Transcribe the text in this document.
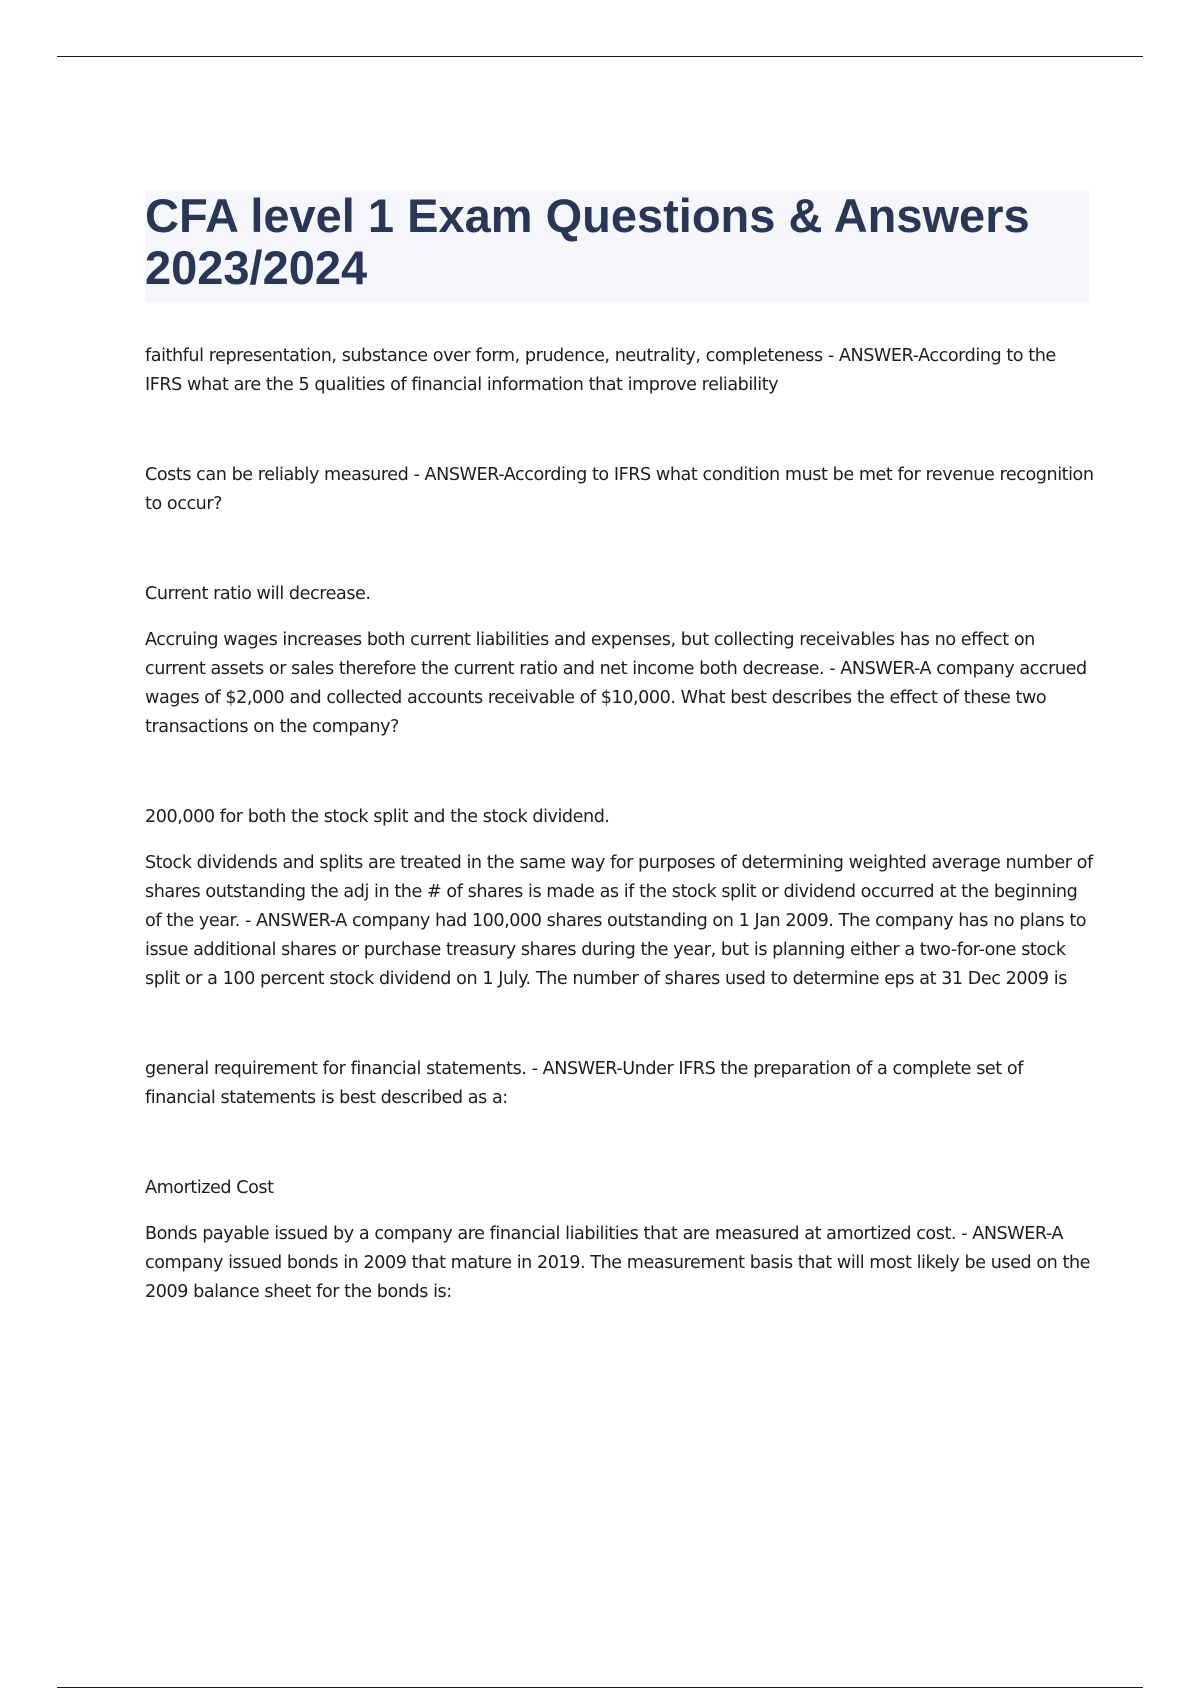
CFA level 1 Exam Questions & Answers 2023/2024

faithful representation, substance over form, prudence, neutrality, completeness - ANSWER-According to the IFRS what are the 5 qualities of financial information that improve reliability

Costs can be reliably measured - ANSWER-According to IFRS what condition must be met for revenue recognition to occur?

Current ratio will decrease.

Accruing wages increases both current liabilities and expenses, but collecting receivables has no effect on current assets or sales therefore the current ratio and net income both decrease. - ANSWER-A company accrued wages of $2,000 and collected accounts receivable of $10,000. What best describes the effect of these two transactions on the company?

200,000 for both the stock split and the stock dividend.

Stock dividends and splits are treated in the same way for purposes of determining weighted average number of shares outstanding the adj in the # of shares is made as if the stock split or dividend occurred at the beginning of the year. - ANSWER-A company had 100,000 shares outstanding on 1 Jan 2009. The company has no plans to issue additional shares or purchase treasury shares during the year, but is planning either a two-for-one stock split or a 100 percent stock dividend on 1 July. The number of shares used to determine eps at 31 Dec 2009 is

general requirement for financial statements. - ANSWER-Under IFRS the preparation of a complete set of financial statements is best described as a:

Amortized Cost

Bonds payable issued by a company are financial liabilities that are measured at amortized cost. - ANSWER-A company issued bonds in 2009 that mature in 2019. The measurement basis that will most likely be used on the 2009 balance sheet for the bonds is:
